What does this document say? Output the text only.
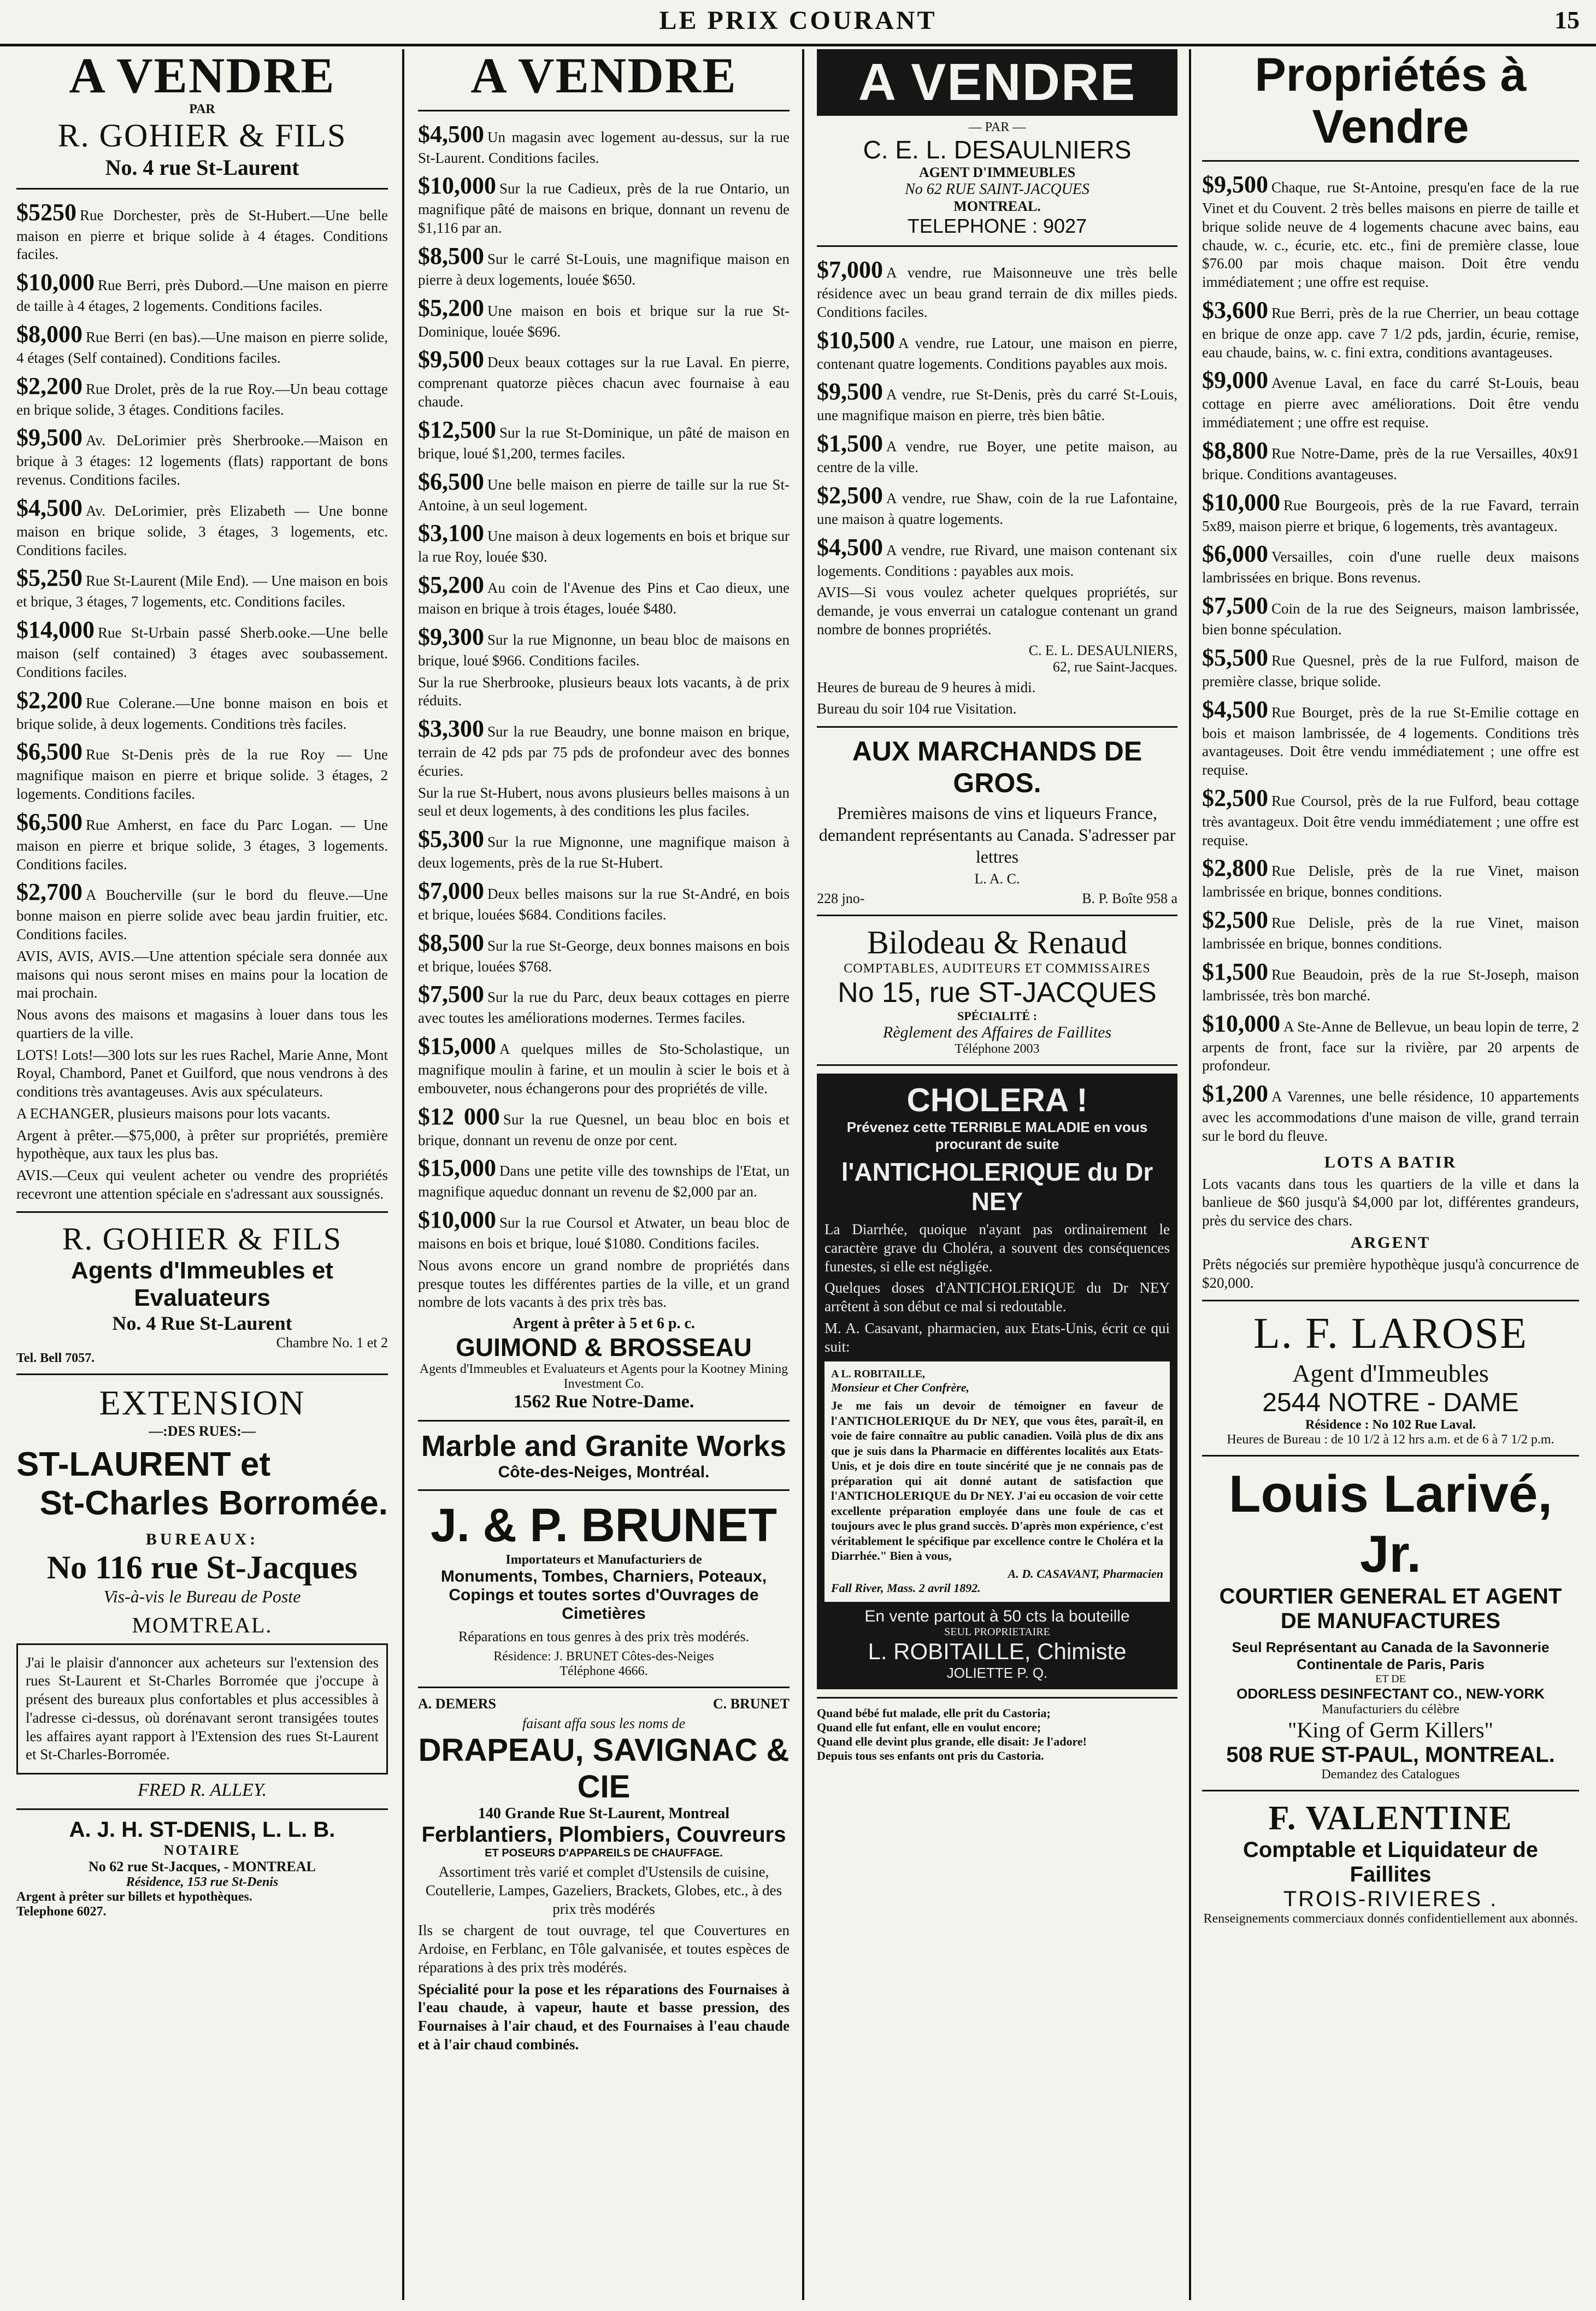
LE PRIX COURANT	15
A VENDRE
PAR
R. GOHIER & FILS
No. 4 rue St-Laurent
$5250 Rue Dorchester, près de St-Hubert.—Une belle maison en pierre et brique solide à 4 étages. Conditions faciles.
$10,000 Rue Berri, près Dubord.—Une maison en pierre de taille à 4 étages, 2 logements. Conditions faciles.
$8,000 Rue Berri (en bas).—Une maison en pierre solide, 4 étages (Self contained). Conditions faciles.
$2,200 Rue Drolet, près de la rue Roy.—Un beau cottage en brique solide, 3 étages. Conditions faciles.
$9,500 Av. DeLorimier près Sherbrooke.—Maison en brique à 3 étages: 12 logements (flats) rapportant de bons revenus. Conditions faciles.
$4,500 Av. DeLorimier, près Elizabeth — Une bonne maison en brique solide, 3 étages, 3 logements, etc. Conditions faciles.
$5,250 Rue St-Laurent (Mile End). — Une maison en bois et brique, 3 étages, 7 logements, etc. Conditions faciles.
$14,000 Rue St-Urbain passé Sherb.ooke.—Une belle maison (self contained) 3 étages avec soubassement. Conditions faciles.
$2,200 Rue Colerane.—Une bonne maison en bois et brique solide, à deux logements. Conditions très faciles.
$6,500 Rue St-Denis près de la rue Roy — Une magnifique maison en pierre et brique solide. 3 étages, 2 logements. Conditions faciles.
$6,500 Rue Amherst, en face du Parc Logan. — Une maison en pierre et brique solide, 3 étages, 3 logements. Conditions faciles.
$2,700 A Boucherville (sur le bord du fleuve.—Une bonne maison en pierre solide avec beau jardin fruitier, etc. Conditions faciles.
AVIS, AVIS, AVIS.—Une attention spéciale sera donnée aux maisons qui nous seront mises en mains pour la location de mai prochain.
Nous avons des maisons et magasins à louer dans tous les quartiers de la ville.
LOTS! Lots!—300 lots sur les rues Rachel, Marie Anne, Mont Royal, Chambord, Panet et Guilford, que nous vendrons à des conditions très avantageuses. Avis aux spéculateurs.
A ECHANGER, plusieurs maisons pour lots vacants.
Argent à prêter.—$75,000, à prêter sur propriétés, première hypothèque, aux taux les plus bas.
AVIS.—Ceux qui veulent acheter ou vendre des propriétés recevront une attention spéciale en s'adressant aux soussignés.
R. GOHIER & FILS
Agents d'Immeubles et Evaluateurs
No. 4 Rue St-Laurent
Chambre No. 1 et 2
Tel. Bell 7057.
EXTENSION
—:DES RUES:—
ST-LAURENT et
St-Charles Borromée.
BUREAUX:
No 116 rue St-Jacques
Vis-à-vis le Bureau de Poste
MOMTREAL.
J'ai le plaisir d'annoncer aux acheteurs sur l'extension des rues St-Laurent et St-Charles Borromée que j'occupe à présent des bureaux plus confortables et plus accessibles à l'adresse ci-dessus, où dorénavant seront transigées toutes les affaires ayant rapport à l'Extension des rues St-Laurent et St-Charles-Borromée.
FRED R. ALLEY.
A. J. H. ST-DENIS, L. L. B.
NOTAIRE
No 62 rue St-Jacques, - MONTREAL
Résidence, 153 rue St-Denis
Argent à prêter sur billets et hypothèques.
Telephone 6027.
A VENDRE
$4,500 Un magasin avec logement au-dessus, sur la rue St-Laurent. Conditions faciles.
$10,000 Sur la rue Cadieux, près de la rue Ontario, un magnifique pâté de maisons en brique, donnant un revenu de $1,116 par an.
$8,500 Sur le carré St-Louis, une magnifique maison en pierre à deux logements, louée $650.
$5,200 Une maison en bois et brique sur la rue St-Dominique, louée $696.
$9,500 Deux beaux cottages sur la rue Laval. En pierre, comprenant quatorze pièces chacun avec fournaise à eau chaude.
$12,500 Sur la rue St-Dominique, un pâté de maison en brique, loué $1,200, termes faciles.
$6,500 Une belle maison en pierre de taille sur la rue St-Antoine, à un seul logement.
$3,100 Une maison à deux logements en bois et brique sur la rue Roy, louée $30.
$5,200 Au coin de l'Avenue des Pins et Cao dieux, une maison en brique à trois étages, louée $480.
$9,300 Sur la rue Mignonne, un beau bloc de maisons en brique, loué $966. Conditions faciles.
Sur la rue Sherbrooke, plusieurs beaux lots vacants, à de prix réduits.
$3,300 Sur la rue Beaudry, une bonne maison en brique, terrain de 42 pds par 75 pds de profondeur avec des bonnes écuries.
Sur la rue St-Hubert, nous avons plusieurs belles maisons à un seul et deux logements, à des conditions les plus faciles.
$5,300 Sur la rue Mignonne, une magnifique maison à deux logements, près de la rue St-Hubert.
$7,000 Deux belles maisons sur la rue St-André, en bois et brique, louées $684. Conditions faciles.
$8,500 Sur la rue St-George, deux bonnes maisons en bois et brique, louées $768.
$7,500 Sur la rue du Parc, deux beaux cottages en pierre avec toutes les améliorations modernes. Termes faciles.
$15,000 A quelques milles de Sto-Scholastique, un magnifique moulin à farine, et un moulin à scier le bois et à embouveter, nous échangerons pour des propriétés de ville.
$12 000 Sur la rue Quesnel, un beau bloc en bois et brique, donnant un revenu de onze por cent.
$15,000 Dans une petite ville des townships de l'Etat, un magnifique aqueduc donnant un revenu de $2,000 par an.
$10,000 Sur la rue Coursol et Atwater, un beau bloc de maisons en bois et brique, loué $1080. Conditions faciles.
Nous avons encore un grand nombre de propriétés dans presque toutes les différentes parties de la ville, et un grand nombre de lots vacants à des prix très bas.
Argent à prêter à 5 et 6 p. c.
GUIMOND & BROSSEAU
Agents d'Immeubles et Evaluateurs et Agents pour la Kootney Mining Investment Co.
1562 Rue Notre-Dame.
Marble and Granite Works
Côte-des-Neiges, Montréal.
J. & P. BRUNET
Importateurs et Manufacturiers de
Monuments, Tombes, Charniers, Poteaux, Copings et toutes sortes d'Ouvrages de Cimetières
Réparations en tous genres à des prix très modérés.
Résidence: J. BRUNET Côtes-des-Neiges
Téléphone 4666.
A. DEMERS	C. BRUNET
faisant affa sous les noms de
DRAPEAU, SAVIGNAC & CIE
140 Grande Rue St-Laurent, Montreal
Ferblantiers, Plombiers, Couvreurs
ET POSEURS D'APPAREILS DE CHAUFFAGE.
Assortiment très varié et complet d'Ustensils de cuisine, Coutellerie, Lampes, Gazeliers, Brackets, Globes, etc., à des prix très modérés
Ils se chargent de tout ouvrage, tel que Couvertures en Ardoise, en Ferblanc, en Tôle galvanisée, et toutes espèces de réparations à des prix très modérés.
Spécialité pour la pose et les réparations des Fournaises à l'eau chaude, à vapeur, haute et basse pression, des Fournaises à l'air chaud, et des Fournaises à l'eau chaude et à l'air chaud combinés.
A VENDRE
— PAR —
C. E. L. DESAULNIERS
AGENT D'IMMEUBLES
No 62 RUE SAINT-JACQUES
MONTREAL.
TELEPHONE : 9027
$7,000 A vendre, rue Maisonneuve une très belle résidence avec un beau grand terrain de dix milles pieds. Conditions faciles.
$10,500 A vendre, rue Latour, une maison en pierre, contenant quatre logements. Conditions payables aux mois.
$9,500 A vendre, rue St-Denis, près du carré St-Louis, une magnifique maison en pierre, très bien bâtie.
$1,500 A vendre, rue Boyer, une petite maison, au centre de la ville.
$2,500 A vendre, rue Shaw, coin de la rue Lafontaine, une maison à quatre logements.
$4,500 A vendre, rue Rivard, une maison contenant six logements. Conditions : payables aux mois.
AVIS—Si vous voulez acheter quelques propriétés, sur demande, je vous enverrai un catalogue contenant un grand nombre de bonnes propriétés.
C. E. L. DESAULNIERS,
62, rue Saint-Jacques.
Heures de bureau de 9 heures à midi.
Bureau du soir 104 rue Visitation.
AUX MARCHANDS DE GROS.
Premières maisons de vins et liqueurs France, demandent représentants au Canada. S'adresser par lettres
L. A. C.
228 jno-	B. P. Boîte 958 a
Bilodeau & Renaud
COMPTABLES, AUDITEURS ET COMMISSAIRES
No 15, rue ST-JACQUES
SPÉCIALITÉ :
Règlement des Affaires de Faillites
Téléphone 2003
CHOLERA !
Prévenez cette TERRIBLE MALADIE en vous procurant de suite
l'ANTICHOLERIQUE du Dr NEY
La Diarrhée, quoique n'ayant pas ordinairement le caractère grave du Choléra, a souvent des conséquences funestes, si elle est négligée.
Quelques doses d'ANTICHOLERIQUE du Dr NEY arrêtent à son début ce mal si redoutable.
M. A. Casavant, pharmacien, aux Etats-Unis, écrit ce qui suit:
A L. ROBITAILLE,
Monsieur et Cher Confrère,
Je me fais un devoir de témoigner en faveur de l'ANTICHOLERIQUE du Dr NEY, que vous êtes, paraît-il, en voie de faire connaître au public canadien. Voilà plus de dix ans que je suis dans la Pharmacie en différentes localités aux Etats-Unis, et je dois dire en toute sincérité que je ne connais pas de préparation qui ait donné autant de satisfaction que l'ANTICHOLERIQUE du Dr NEY. J'ai eu occasion de voir cette excellente préparation employée dans une foule de cas et toujours avec le plus grand succès. D'après mon expérience, c'est véritablement le spécifique par excellence contre le Choléra et la Diarrhée." Bien à vous,
A. D. CASAVANT, Pharmacien
Fall River, Mass. 2 avril 1892.
En vente partout à 50 cts la bouteille
SEUL PROPRIETAIRE
L. ROBITAILLE, Chimiste
JOLIETTE P. Q.
Quand bébé fut malade, elle prit du Castoria;
Quand elle fut enfant, elle en voulut encore;
Quand elle devint plus grande, elle disait: Je l'adore!
Depuis tous ses enfants ont pris du Castoria.
Propriétés à Vendre
$9,500 Chaque, rue St-Antoine, presqu'en face de la rue Vinet et du Couvent. 2 très belles maisons en pierre de taille et brique solide neuve de 4 logements chacune avec bains, eau chaude, w. c., écurie, etc. etc., fini de première classe, loue $76.00 par mois chaque maison. Doit être vendu immédiatement ; une offre est requise.
$3,600 Rue Berri, près de la rue Cherrier, un beau cottage en brique de onze app. cave 7 1/2 pds, jardin, écurie, remise, eau chaude, bains, w. c. fini extra, conditions avantageuses.
$9,000 Avenue Laval, en face du carré St-Louis, beau cottage en pierre avec améliorations. Doit être vendu immédiatement ; une offre est requise.
$8,800 Rue Notre-Dame, près de la rue Versailles, 40x91 brique. Conditions avantageuses.
$10,000 Rue Bourgeois, près de la rue Favard, terrain 5x89, maison pierre et brique, 6 logements, très avantageux.
$6,000 Versailles, coin d'une ruelle deux maisons lambrissées en brique. Bons revenus.
$7,500 Coin de la rue des Seigneurs, maison lambrissée, bien bonne spéculation.
$5,500 Rue Quesnel, près de la rue Fulford, maison de première classe, brique solide.
$4,500 Rue Bourget, près de la rue St-Emilie cottage en bois et maison lambrissée, de 4 logements. Conditions très avantageuses. Doit être vendu immédiatement ; une offre est requise.
$2,500 Rue Coursol, près de la rue Fulford, beau cottage très avantageux. Doit être vendu immédiatement ; une offre est requise.
$2,800 Rue Delisle, près de la rue Vinet, maison lambrissée en brique, bonnes conditions.
$2,500 Rue Delisle, près de la rue Vinet, maison lambrissée en brique, bonnes conditions.
$1,500 Rue Beaudoin, près de la rue St-Joseph, maison lambrissée, très bon marché.
$10,000 A Ste-Anne de Bellevue, un beau lopin de terre, 2 arpents de front, face sur la rivière, par 20 arpents de profondeur.
$1,200 A Varennes, une belle résidence, 10 appartements avec les accommodations d'une maison de ville, grand terrain sur le bord du fleuve.
LOTS A BATIR
Lots vacants dans tous les quartiers de la ville et dans la banlieue de $60 jusqu'à $4,000 par lot, différentes grandeurs, près du service des chars.
ARGENT
Prêts négociés sur première hypothèque jusqu'à concurrence de $20,000.
L. F. LAROSE
Agent d'Immeubles
2544 NOTRE - DAME
Résidence : No 102 Rue Laval.
Heures de Bureau : de 10 1/2 à 12 hrs a.m. et de 6 à 7 1/2 p.m.
Louis Larivé, Jr.
COURTIER GENERAL ET AGENT
DE MANUFACTURES
Seul Représentant au Canada de la Savonnerie Continentale de Paris, Paris
ET DE
ODORLESS DESINFECTANT CO., NEW-YORK
Manufacturiers du célèbre
"King of Germ Killers"
508 RUE ST-PAUL, MONTREAL.
Demandez des Catalogues
F. VALENTINE
Comptable et Liquidateur de Faillites
TROIS-RIVIERES .
Renseignements commerciaux donnés confidentiellement aux abonnés.
